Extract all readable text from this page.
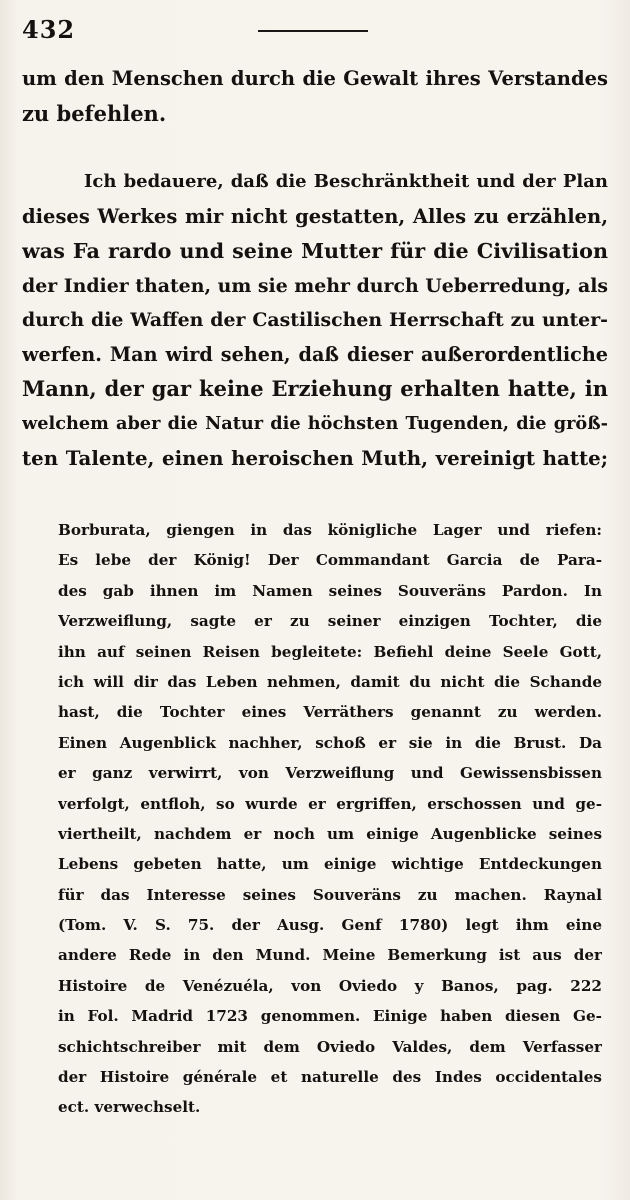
432
um den Menschen durch die Gewalt ihres Verstandes
zu befehlen.
Ich bedauere, daß die Beschränktheit und der Plan
dieses Werkes mir nicht gestatten, Alles zu erzählen,
was Fa rardo und seine Mutter für die Civilisation
der Indier thaten, um sie mehr durch Ueberredung, als
durch die Waffen der Castilischen Herrschaft zu unter-
werfen. Man wird sehen, daß dieser außerordentliche
Mann, der gar keine Erziehung erhalten hatte, in
welchem aber die Natur die höchsten Tugenden, die größ-
ten Talente, einen heroischen Muth, vereinigt hatte;
Borburata, giengen in das königliche Lager und riefen:
Es lebe der König! Der Commandant Garcia de Para-
des gab ihnen im Namen seines Souveräns Pardon. In
Verzweiflung, sagte er zu seiner einzigen Tochter, die
ihn auf seinen Reisen begleitete: Befiehl deine Seele Gott,
ich will dir das Leben nehmen, damit du nicht die Schande
hast, die Tochter eines Verräthers genannt zu werden.
Einen Augenblick nachher, schoß er sie in die Brust. Da
er ganz verwirrt, von Verzweiflung und Gewissensbissen
verfolgt, entfloh, so wurde er ergriffen, erschossen und ge-
viertheilt, nachdem er noch um einige Augenblicke seines
Lebens gebeten hatte, um einige wichtige Entdeckungen
für das Interesse seines Souveräns zu machen. Raynal
(Tom. V. S. 75. der Ausg. Genf 1780) legt ihm eine
andere Rede in den Mund. Meine Bemerkung ist aus der
Histoire de Venézuéla, von Oviedo y Banos, pag. 222
in Fol. Madrid 1723 genommen. Einige haben diesen Ge-
schichtschreiber mit dem Oviedo Valdes, dem Verfasser
der Histoire générale et naturelle des Indes occidentales
ect. verwechselt.
